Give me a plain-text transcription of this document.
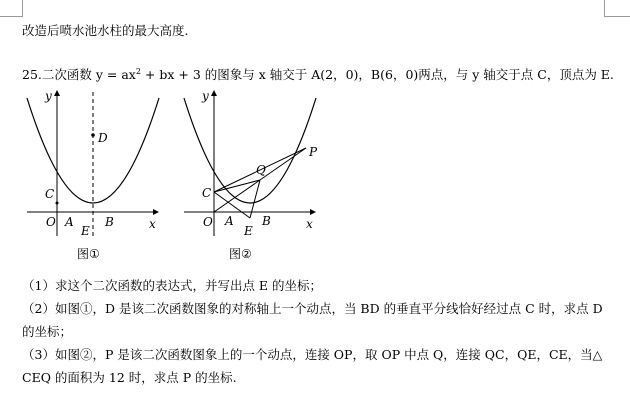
改造后喷水池水柱的最大高度.
25.二次函数 $y = ax^2$ + bx + 3 的图象与 x 轴交于 A(2，0)，B(6，0)两点，与 y 轴交于点 C，顶点为 E.
y
x
O A	B
C
D
E
图①
y
x
O A B
C
E
P
Q
图②
（1）求这个二次函数的表达式，并写出点 E 的坐标；
（2）如图①，D 是该二次函数图象的对称轴上一个动点，当 BD 的垂直平分线恰好经过点 C 时，求点 D
的坐标；
（3）如图②，P 是该二次函数图象上的一个动点，连接 OP，取 OP 中点 Q，连接 QC，QE，CE，当△
CEQ 的面积为 12 时，求点 P 的坐标.
